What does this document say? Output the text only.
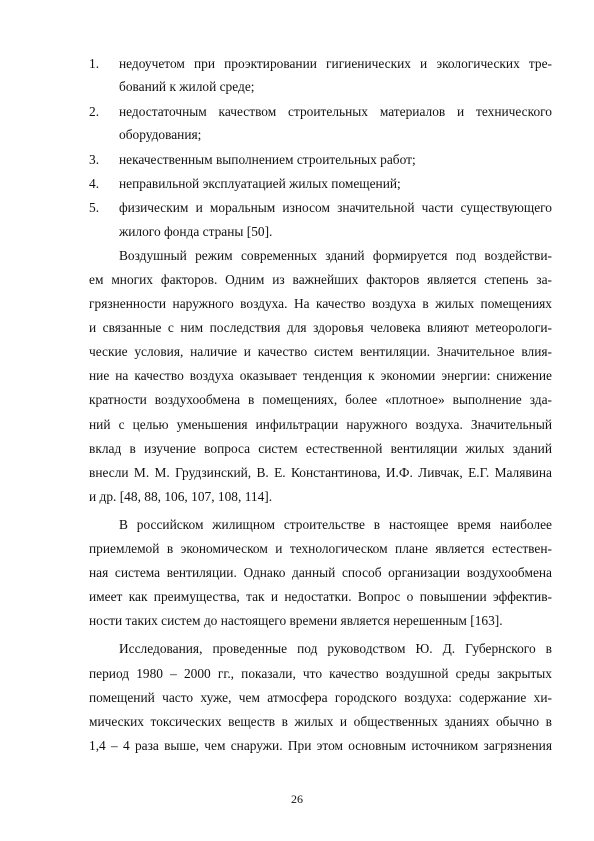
1. недоучетом при проэктировании гигиенических и экологических тре-
бований к жилой среде;
2. недостаточным качеством строительных материалов и технического
оборудования;
3. некачественным выполнением строительных работ;
4. неправильной эксплуатацией жилых помещений;
5. физическим и моральным износом значительной части существующего
жилого фонда страны [50].
Воздушный режим современных зданий формируется под воздействи-
ем многих факторов. Одним из важнейших факторов является степень за-
грязненности наружного воздуха. На качество воздуха в жилых помещениях
и связанные с ним последствия для здоровья человека влияют метеорологи-
ческие условия, наличие и качество систем вентиляции. Значительное влия-
ние на качество воздуха оказывает тенденция к экономии энергии: снижение
кратности воздухообмена в помещениях, более «плотное» выполнение зда-
ний с целью уменьшения инфильтрации наружного воздуха. Значительный
вклад в изучение вопроса систем естественной вентиляции жилых зданий
внесли М. М. Грудзинский, В. Е. Константинова, И.Ф. Ливчак, Е.Г. Малявина
и др. [48, 88, 106, 107, 108, 114].
В российском жилищном строительстве в настоящее время наиболее
приемлемой в экономическом и технологическом плане является естествен-
ная система вентиляции. Однако данный способ организации воздухообмена
имеет как преимущества, так и недостатки. Вопрос о повышении эффектив-
ности таких систем до настоящего времени является нерешенным [163].
Исследования, проведенные под руководством Ю. Д. Губернского в
период 1980 – 2000 гг., показали, что качество воздушной среды закрытых
помещений часто хуже, чем атмосфера городского воздуха: содержание хи-
мических токсических веществ в жилых и общественных зданиях обычно в
1,4 – 4 раза выше, чем снаружи. При этом основным источником загрязнения
26
